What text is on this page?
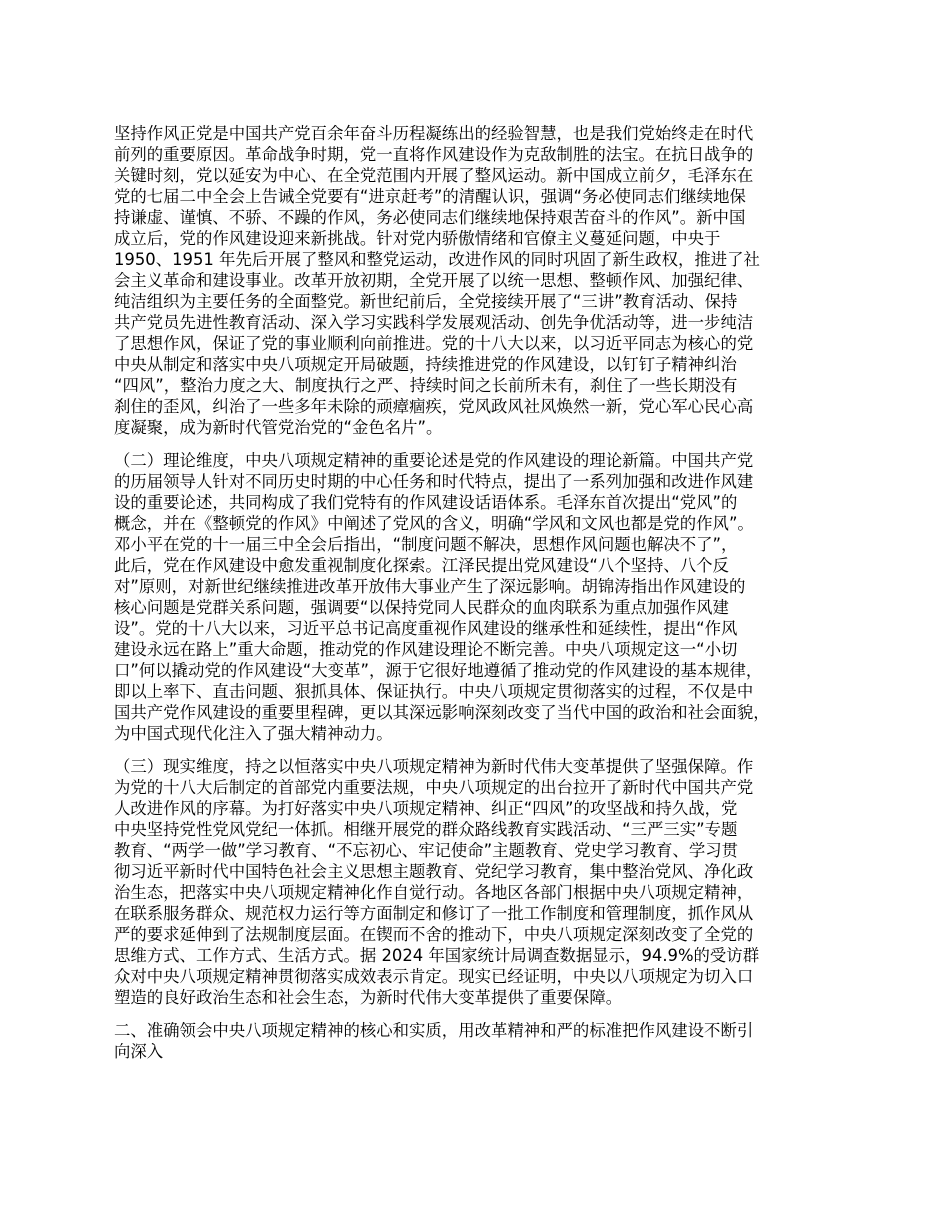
坚持作风正党是中国共产党百余年奋斗历程凝练出的经验智慧，也是我们党始终走在时代
前列的重要原因。革命战争时期，党一直将作风建设作为克敌制胜的法宝。在抗日战争的
关键时刻，党以延安为中心、在全党范围内开展了整风运动。新中国成立前夕，毛泽东在
党的七届二中全会上告诫全党要有“进京赶考”的清醒认识，强调“务必使同志们继续地保
持谦虚、谨慎、不骄、不躁的作风，务必使同志们继续地保持艰苦奋斗的作风”。新中国
成立后，党的作风建设迎来新挑战。针对党内骄傲情绪和官僚主义蔓延问题，中央于
1950、1951 年先后开展了整风和整党运动，改进作风的同时巩固了新生政权，推进了社
会主义革命和建设事业。改革开放初期，全党开展了以统一思想、整顿作风、加强纪律、
纯洁组织为主要任务的全面整党。新世纪前后，全党接续开展了“三讲”教育活动、保持
共产党员先进性教育活动、深入学习实践科学发展观活动、创先争优活动等，进一步纯洁
了思想作风，保证了党的事业顺利向前推进。党的十八大以来，以习近平同志为核心的党
中央从制定和落实中央八项规定开局破题，持续推进党的作风建设，以钉钉子精神纠治
“四风”，整治力度之大、制度执行之严、持续时间之长前所未有，刹住了一些长期没有
刹住的歪风，纠治了一些多年未除的顽瘴痼疾，党风政风社风焕然一新，党心军心民心高
度凝聚，成为新时代管党治党的“金色名片”。

（二）理论维度，中央八项规定精神的重要论述是党的作风建设的理论新篇。中国共产党
的历届领导人针对不同历史时期的中心任务和时代特点，提出了一系列加强和改进作风建
设的重要论述，共同构成了我们党特有的作风建设话语体系。毛泽东首次提出“党风”的
概念，并在《整顿党的作风》中阐述了党风的含义，明确“学风和文风也都是党的作风”。
邓小平在党的十一届三中全会后指出，“制度问题不解决，思想作风问题也解决不了”，
此后，党在作风建设中愈发重视制度化探索。江泽民提出党风建设“八个坚持、八个反
对”原则，对新世纪继续推进改革开放伟大事业产生了深远影响。胡锦涛指出作风建设的
核心问题是党群关系问题，强调要“以保持党同人民群众的血肉联系为重点加强作风建
设”。党的十八大以来，习近平总书记高度重视作风建设的继承性和延续性，提出“作风
建设永远在路上”重大命题，推动党的作风建设理论不断完善。中央八项规定这一“小切
口”何以撬动党的作风建设“大变革”，源于它很好地遵循了推动党的作风建设的基本规律，
即以上率下、直击问题、狠抓具体、保证执行。中央八项规定贯彻落实的过程，不仅是中
国共产党作风建设的重要里程碑，更以其深远影响深刻改变了当代中国的政治和社会面貌，
为中国式现代化注入了强大精神动力。

（三）现实维度，持之以恒落实中央八项规定精神为新时代伟大变革提供了坚强保障。作
为党的十八大后制定的首部党内重要法规，中央八项规定的出台拉开了新时代中国共产党
人改进作风的序幕。为打好落实中央八项规定精神、纠正“四风”的攻坚战和持久战，党
中央坚持党性党风党纪一体抓。相继开展党的群众路线教育实践活动、“三严三实”专题
教育、“两学一做”学习教育、“不忘初心、牢记使命”主题教育、党史学习教育、学习贯
彻习近平新时代中国特色社会主义思想主题教育、党纪学习教育，集中整治党风、净化政
治生态，把落实中央八项规定精神化作自觉行动。各地区各部门根据中央八项规定精神，
在联系服务群众、规范权力运行等方面制定和修订了一批工作制度和管理制度，抓作风从
严的要求延伸到了法规制度层面。在锲而不舍的推动下，中央八项规定深刻改变了全党的
思维方式、工作方式、生活方式。据 2024 年国家统计局调查数据显示，94.9%的受访群
众对中央八项规定精神贯彻落实成效表示肯定。现实已经证明，中央以八项规定为切入口
塑造的良好政治生态和社会生态，为新时代伟大变革提供了重要保障。

二、准确领会中央八项规定精神的核心和实质，用改革精神和严的标准把作风建设不断引
向深入
